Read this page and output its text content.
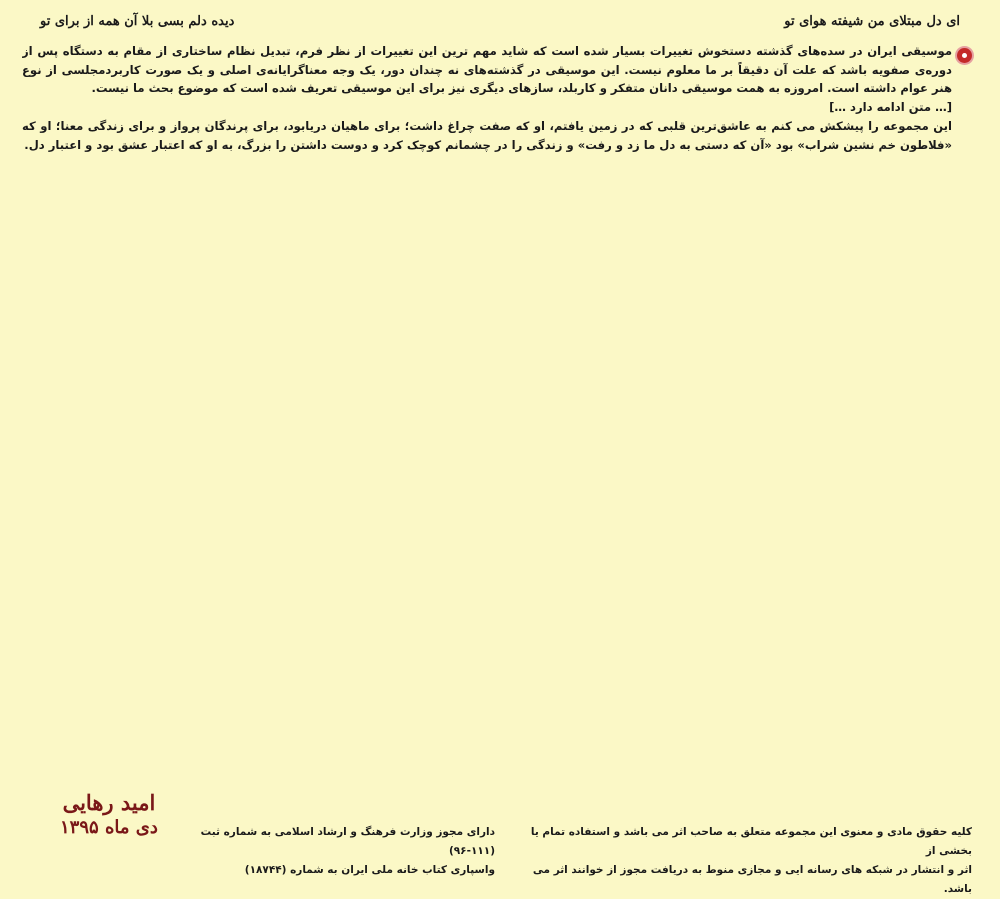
ای دل مبتلای من شیفته هوای تو
دیده دلم بسی بلا آن همه از برای تو

موسیقی ایران در سده‌های گذشته دستخوش تغییرات بسیار شده است که شاید مهم ترین این تغییرات از نظر فرم، تبدیل نظام ساختاری از مقام به دستگاه پس از دوره‌ی صفویه باشد که علت آن دقیقاً بر ما معلوم نیست. این موسیقی در گذشته‌های نه چندان دور، یک وجه معناگرایانه‌ی اصلی و یک صورت کاربردمجلسی از نوع هنر عوام داشته است. امروزه به همت موسیقی دانان متفکر و کاربلد، سازهای دیگری نیز برای این موسیقی تعریف شده است که موضوع بحث ما نیست.

[… متن ادامه دارد …]

این مجموعه را پیشکش می کنم به عاشق‌ترین قلبی که در زمین یافتم، او که صفت چراغ داشت؛ برای ماهیان دریابود، برای پرندگان پرواز و برای زندگی معنا؛ او که «فلاطون خم نشین شراب» بود «آن که دستی به دل ما زد و رفت» و زندگی را در چشمانم کوچک کرد و دوست داشتن را بزرگ، به او که اعتبار عشق بود و اعتبار دل.

امید رهایی
دی ماه ۱۳۹۵	دارای مجوز وزارت فرهنگ و ارشاد اسلامی به شماره ثبت (۱۱۱-۹۶)
واسپاری کتاب خانه ملی ایران به شماره (۱۸۷۴۴)
کلیه حقوق مادی و معنوی این مجموعه متعلق به صاحب اثر می باشد و استفاده تمام یا بخشی از
اثر و انتشار در شبکه های رسانه ایی و مجازی منوط به دریافت مجوز از خوانند اثر می باشد.
